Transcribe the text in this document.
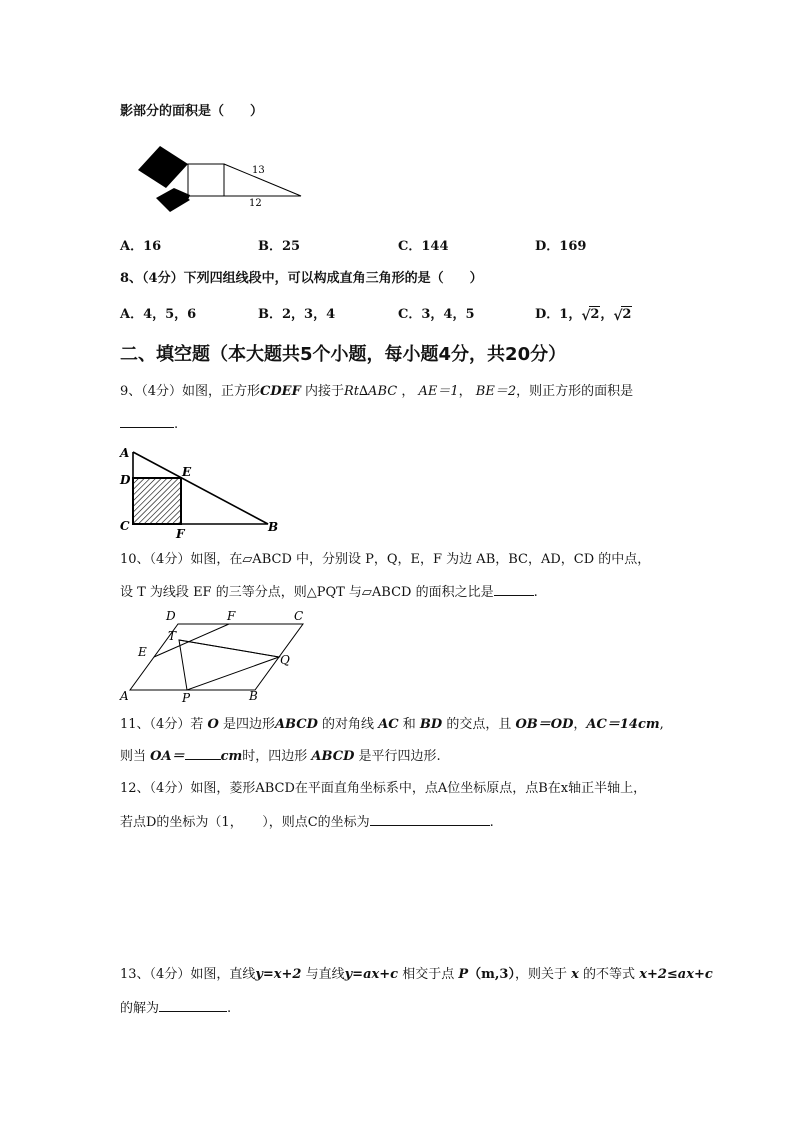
影部分的面积是（　　）
13
12
A．16	B．25	C．144	D．169
8、（4分）下列四组线段中，可以构成直角三角形的是（　　）
A．4，5，6	B．2，3，4	C．3，4，5	D．1， √ 2， √ 2
二、填空题（本大题共5个小题，每小题4分，共20分）
9、（4分）如图，正方形CDEF 内接于Rt∆ABC ， AE＝1， BE＝2，则正方形的面积是
.
A
D
C
E
F	B
10、（4分）如图，在▱ABCD 中，分别设 P，Q，E，F 为边 AB，BC，AD，CD 的中点，
设 T 为线段 EF 的三等分点，则△PQT 与▱ABCD 的面积之比是	.
D	F	C
T
E
Q
A	P	B
11、（4分）若 O 是四边形ABCD 的对角线 AC 和 BD 的交点，且 OB＝OD，AC＝14cm,
则当 OA＝	cm时，四边形 ABCD 是平行四边形.
12、（4分）如图，菱形ABCD在平面直角坐标系中，点A位坐标原点，点B在x轴正半轴上，
若点D的坐标为（1，　　），则点C的坐标为	.
13、（4分）如图，直线y=x+2 与直线y=ax+c 相交于点 P（m,3），则关于 x 的不等式 x+2≤ax+c
的解为	.
